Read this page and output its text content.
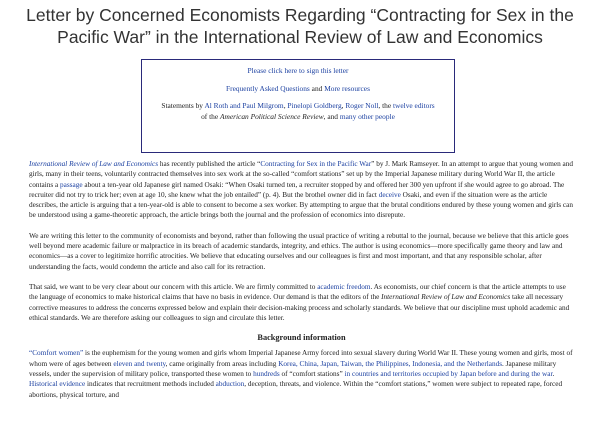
Letter by Concerned Economists Regarding “Contracting for Sex in the Pacific War” in the International Review of Law and Economics

Please click here to sign this letter

Frequently Asked Questions and More resources

Statements by Al Roth and Paul Milgrom, Pinelopi Goldberg, Roger Noll, the twelve editors of the American Political Science Review, and many other people

International Review of Law and Economics has recently published the article “Contracting for Sex in the Pacific War” by J. Mark Ramseyer. In an attempt to argue that young women and girls, many in their teens, voluntarily contracted themselves into sex work at the so-called “comfort stations” set up by the Imperial Japanese military during World War II, the article contains a passage about a ten-year old Japanese girl named Osaki: “When Osaki turned ten, a recruiter stopped by and offered her 300 yen upfront if she would agree to go abroad. The recruiter did not try to trick her; even at age 10, she knew what the job entailed” (p. 4). But the brothel owner did in fact deceive Osaki, and even if the situation were as the article describes, the article is arguing that a ten-year-old is able to consent to become a sex worker. By attempting to argue that the brutal conditions endured by these young women and girls can be understood using a game-theoretic approach, the article brings both the journal and the profession of economics into disrepute.

We are writing this letter to the community of economists and beyond, rather than following the usual practice of writing a rebuttal to the journal, because we believe that this article goes well beyond mere academic failure or malpractice in its breach of academic standards, integrity, and ethics. The author is using economics—more specifically game theory and law and economics—as a cover to legitimize horrific atrocities. We believe that educating ourselves and our colleagues is first and most important, and that any responsible scholar, after understanding the facts, would condemn the article and also call for its retraction.

That said, we want to be very clear about our concern with this article. We are firmly committed to academic freedom. As economists, our chief concern is that the article attempts to use the language of economics to make historical claims that have no basis in evidence. Our demand is that the editors of the International Review of Law and Economics take all necessary corrective measures to address the concerns expressed below and explain their decision-making process and scholarly standards. We believe that our discipline must uphold academic and ethical standards. We are therefore asking our colleagues to sign and circulate this letter.

Background information

“Comfort women” is the euphemism for the young women and girls whom Imperial Japanese Army forced into sexual slavery during World War II. These young women and girls, most of whom were of ages between eleven and twenty, came originally from areas including Korea, China, Japan, Taiwan, the Philippines, Indonesia, and the Netherlands. Japanese military vessels, under the supervision of military police, transported these women to hundreds of “comfort stations” in countries and territories occupied by Japan before and during the war. Historical evidence indicates that recruitment methods included abduction, deception, threats, and violence. Within the “comfort stations,” women were subject to repeated rape, forced abortions, physical torture, and
